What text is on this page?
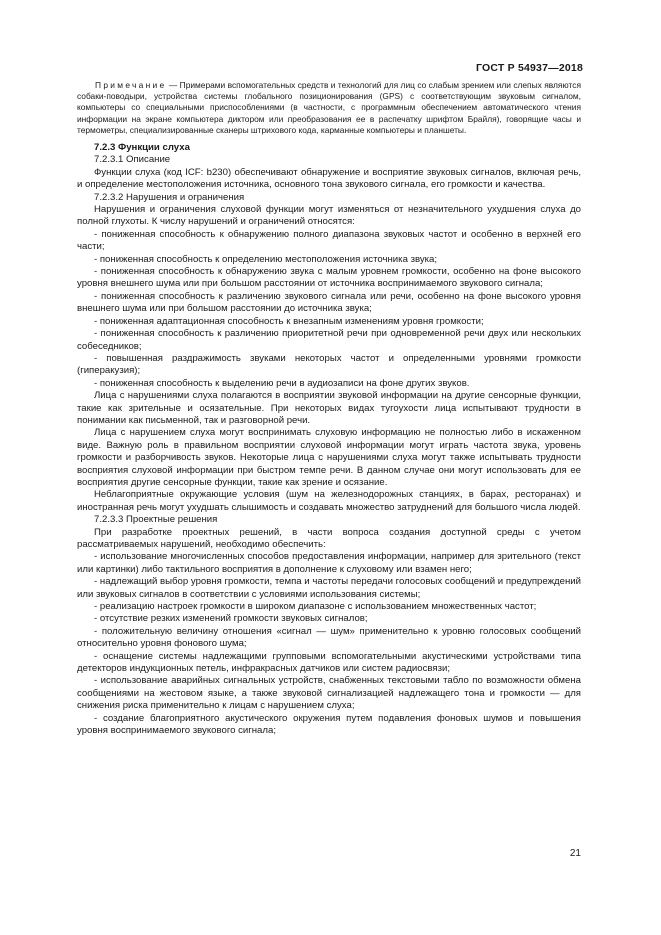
ГОСТ Р 54937—2018

Примечание — Примерами вспомогательных средств и технологий для лиц со слабым зрением или слепых являются собаки-поводыри, устройства системы глобального позиционирования (GPS) с соответствующим звуковым сигналом, компьютеры со специальными приспособлениями (в частности, с программным обеспечением автоматического чтения информации на экране компьютера диктором или преобразования ее в распечатку шрифтом Брайля), говорящие часы и термометры, специализированные сканеры штрихового кода, карманные компьютеры и планшеты.

7.2.3 Функции слуха

7.2.3.1 Описание

Функции слуха (код ICF: b230) обеспечивают обнаружение и восприятие звуковых сигналов, включая речь, и определение местоположения источника, основного тона звукового сигнала, его громкости и качества.

7.2.3.2 Нарушения и ограничения

Нарушения и ограничения слуховой функции могут изменяться от незначительного ухудшения слуха до полной глухоты. К числу нарушений и ограничений относятся:

- пониженная способность к обнаружению полного диапазона звуковых частот и особенно в верхней его части;

- пониженная способность к определению местоположения источника звука;

- пониженная способность к обнаружению звука с малым уровнем громкости, особенно на фоне высокого уровня внешнего шума или при большом расстоянии от источника воспринимаемого звукового сигнала;

- пониженная способность к различению звукового сигнала или речи, особенно на фоне высокого уровня внешнего шума или при большом расстоянии до источника звука;

- пониженная адаптационная способность к внезапным изменениям уровня громкости;

- пониженная способность к различению приоритетной речи при одновременной речи двух или нескольких собеседников;

- повышенная раздражимость звуками некоторых частот и определенными уровнями громкости (гиперакузия);

- пониженная способность к выделению речи в аудиозаписи на фоне других звуков.

Лица с нарушениями слуха полагаются в восприятии звуковой информации на другие сенсорные функции, такие как зрительные и осязательные. При некоторых видах тугоухости лица испытывают трудности в понимании как письменной, так и разговорной речи.

Лица с нарушением слуха могут воспринимать слуховую информацию не полностью либо в искаженном виде. Важную роль в правильном восприятии слуховой информации могут играть частота звука, уровень громкости и разборчивость звуков. Некоторые лица с нарушениями слуха могут также испытывать трудности восприятия слуховой информации при быстром темпе речи. В данном случае они могут использовать для ее восприятия другие сенсорные функции, такие как зрение и осязание.

Неблагоприятные окружающие условия (шум на железнодорожных станциях, в барах, ресторанах) и иностранная речь могут ухудшать слышимость и создавать множество затруднений для большого числа людей.

7.2.3.3 Проектные решения

При разработке проектных решений, в части вопроса создания доступной среды с учетом рассматриваемых нарушений, необходимо обеспечить:

- использование многочисленных способов предоставления информации, например для зрительного (текст или картинки) либо тактильного восприятия в дополнение к слуховому или взамен него;

- надлежащий выбор уровня громкости, темпа и частоты передачи голосовых сообщений и предупреждений или звуковых сигналов в соответствии с условиями использования системы;

- реализацию настроек громкости в широком диапазоне с использованием множественных частот;

- отсутствие резких изменений громкости звуковых сигналов;

- положительную величину отношения «сигнал — шум» применительно к уровню голосовых сообщений относительно уровня фонового шума;

- оснащение системы надлежащими групповыми вспомогательными акустическими устройствами типа детекторов индукционных петель, инфракрасных датчиков или систем радиосвязи;

- использование аварийных сигнальных устройств, снабженных текстовыми табло по возможности обмена сообщениями на жестовом языке, а также звуковой сигнализацией надлежащего тона и громкости — для снижения риска применительно к лицам с нарушением слуха;

- создание благоприятного акустического окружения путем подавления фоновых шумов и повышения уровня воспринимаемого звукового сигнала;

21
